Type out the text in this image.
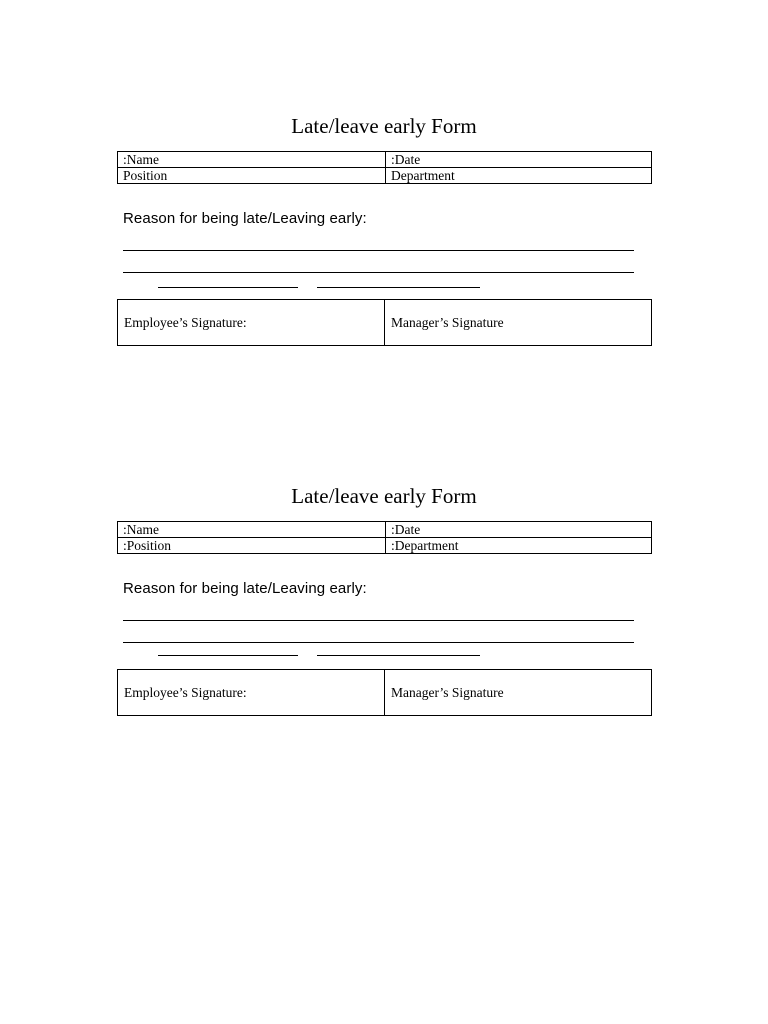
Late/leave early Form
:Name	:Date
Position	Department
Reason for being late/Leaving early:
Employee’s Signature:	Manager’s Signature
Late/leave early Form
:Name	:Date
:Position	:Department
Reason for being late/Leaving early:
Employee’s Signature:	Manager’s Signature
